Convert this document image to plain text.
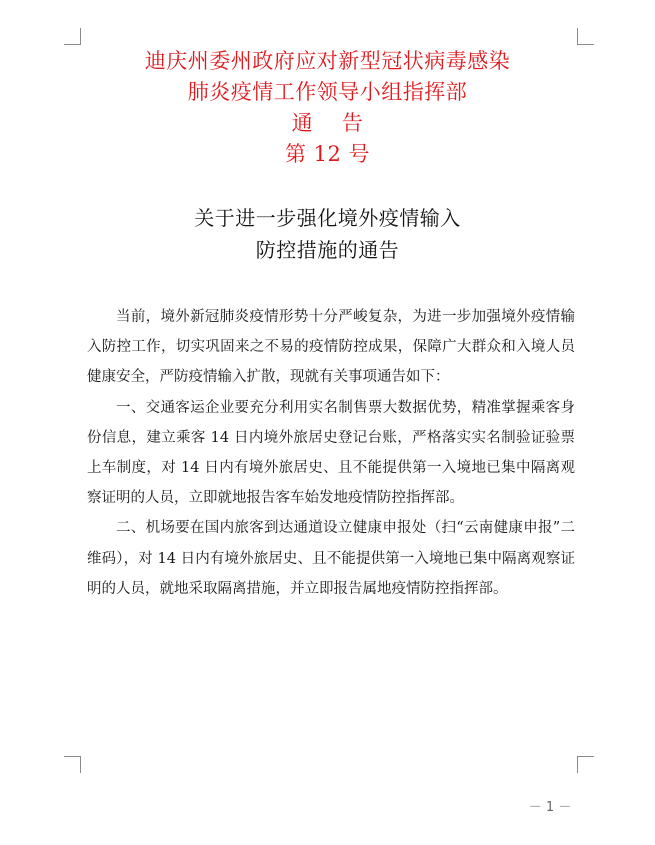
迪庆州委州政府应对新型冠状病毒感染
肺炎疫情工作领导小组指挥部
通    告
第 12 号
关于进一步强化境外疫情输入
防控措施的通告

当前，境外新冠肺炎疫情形势十分严峻复杂，为进一步加强境外疫情输入防控工作，切实巩固来之不易的疫情防控成果，保障广大群众和入境人员健康安全，严防疫情输入扩散，现就有关事项通告如下：

一、交通客运企业要充分利用实名制售票大数据优势，精准掌握乘客身份信息，建立乘客 14 日内境外旅居史登记台账，严格落实实名制验证验票上车制度，对 14 日内有境外旅居史、且不能提供第一入境地已集中隔离观察证明的人员，立即就地报告客车始发地疫情防控指挥部。

二、机场要在国内旅客到达通道设立健康申报处（扫“云南健康申报”二维码），对 14 日内有境外旅居史、且不能提供第一入境地已集中隔离观察证明的人员，就地采取隔离措施，并立即报告属地疫情防控指挥部。

－ 1 －
